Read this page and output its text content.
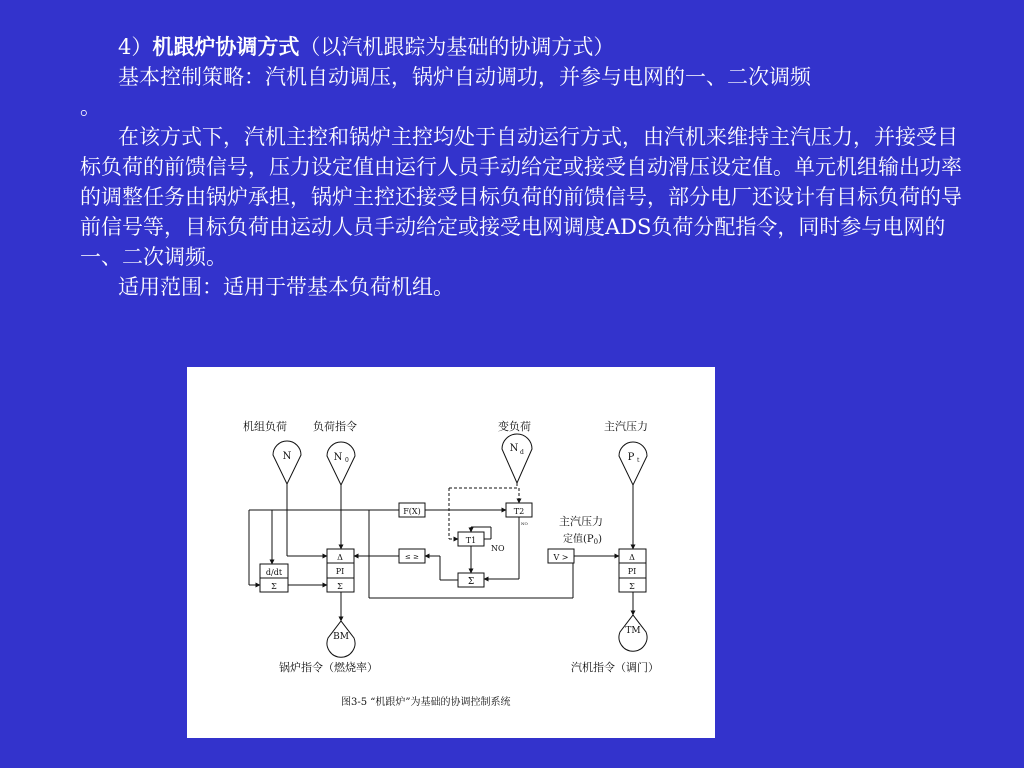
4）机跟炉协调方式（以汽机跟踪为基础的协调方式）

基本控制策略：汽机自动调压，锅炉自动调功，并参与电网的一、二次调频
。

在该方式下，汽机主控和锅炉主控均处于自动运行方式，由汽机来维持主汽压力，并接受目标负荷的前馈信号，压力设定值由运行人员手动给定或接受自动滑压设定值。单元机组输出功率的调整任务由锅炉承担，锅炉主控还接受目标负荷的前馈信号，部分电厂还设计有目标负荷的导前信号等，目标负荷由运动人员手动给定或接受电网调度ADS负荷分配指令，同时参与电网的一、二次调频。

适用范围：适用于带基本负荷机组。

机组负荷 负荷指令	变负荷	主汽压力
N	N 0
N d	P t
F(X)	T2
NO
T1
NO
≤ ≥
Σ
V >
d/dt
Σ
Δ
PI
Σ
Δ
PI
Σ
主汽压力
定值$(P_0)$
BM
TM
锅炉指令（燃烧率）	汽机指令（调门）
图3-5 “机跟炉”为基础的协调控制系统
